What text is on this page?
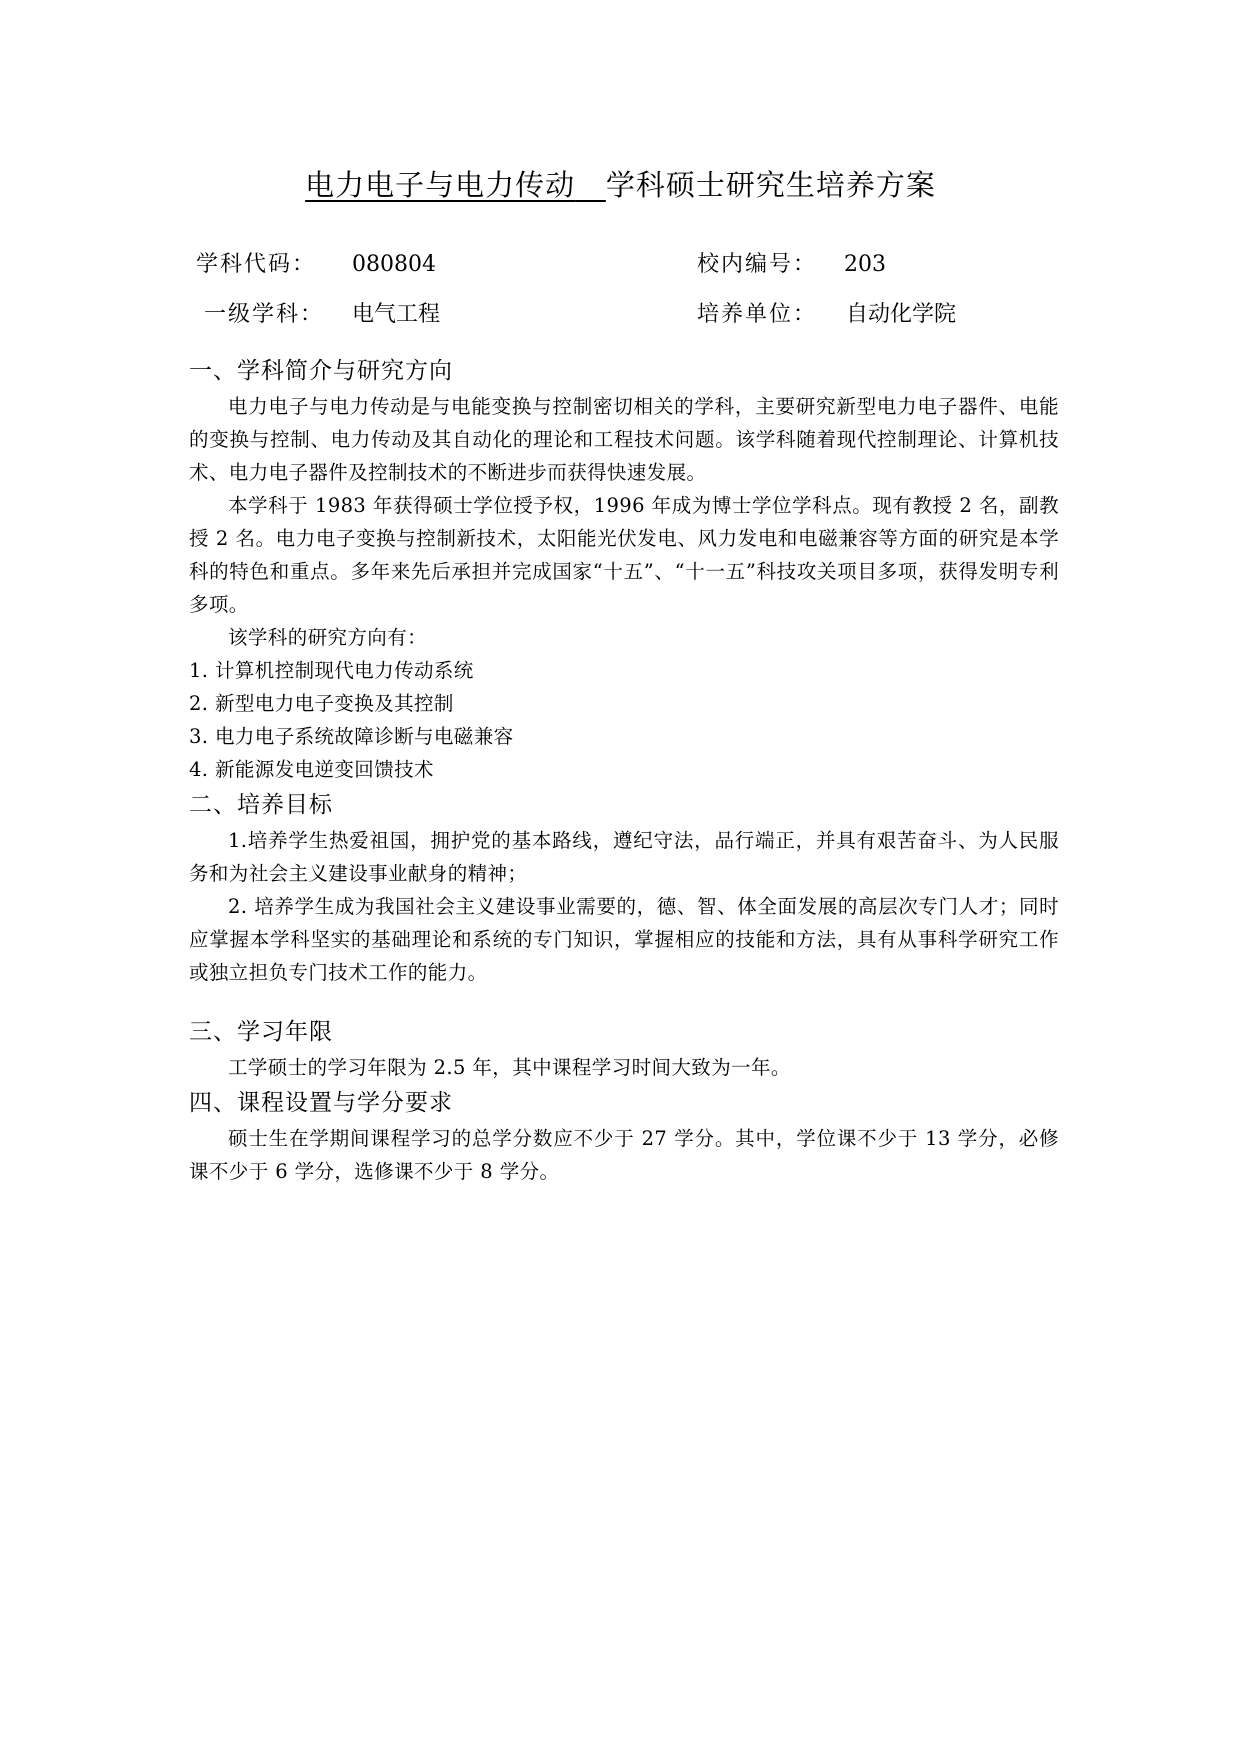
电力电子与电力传动 学科硕士研究生培养方案
学科代码： 080804	校内编号： 203
一级学科： 电气工程	培养单位： 自动化学院
一、学科简介与研究方向

电力电子与电力传动是与电能变换与控制密切相关的学科，主要研究新型电力电子器件、电能的变换与控制、电力传动及其自动化的理论和工程技术问题。该学科随着现代控制理论、计算机技术、电力电子器件及控制技术的不断进步而获得快速发展。

本学科于 1983 年获得硕士学位授予权，1996 年成为博士学位学科点。现有教授 2 名，副教授 2 名。电力电子变换与控制新技术，太阳能光伏发电、风力发电和电磁兼容等方面的研究是本学科的特色和重点。多年来先后承担并完成国家“十五”、“十一五”科技攻关项目多项，获得发明专利多项。

该学科的研究方向有：

1. 计算机控制现代电力传动系统

2. 新型电力电子变换及其控制

3. 电力电子系统故障诊断与电磁兼容

4. 新能源发电逆变回馈技术

二、培养目标

1.培养学生热爱祖国，拥护党的基本路线，遵纪守法，品行端正，并具有艰苦奋斗、为人民服务和为社会主义建设事业献身的精神；

2. 培养学生成为我国社会主义建设事业需要的，德、智、体全面发展的高层次专门人才；同时应掌握本学科坚实的基础理论和系统的专门知识，掌握相应的技能和方法，具有从事科学研究工作或独立担负专门技术工作的能力。

三、学习年限

工学硕士的学习年限为 2.5 年，其中课程学习时间大致为一年。

四、课程设置与学分要求

硕士生在学期间课程学习的总学分数应不少于 27 学分。其中，学位课不少于 13 学分，必修课不少于 6 学分，选修课不少于 8 学分。
